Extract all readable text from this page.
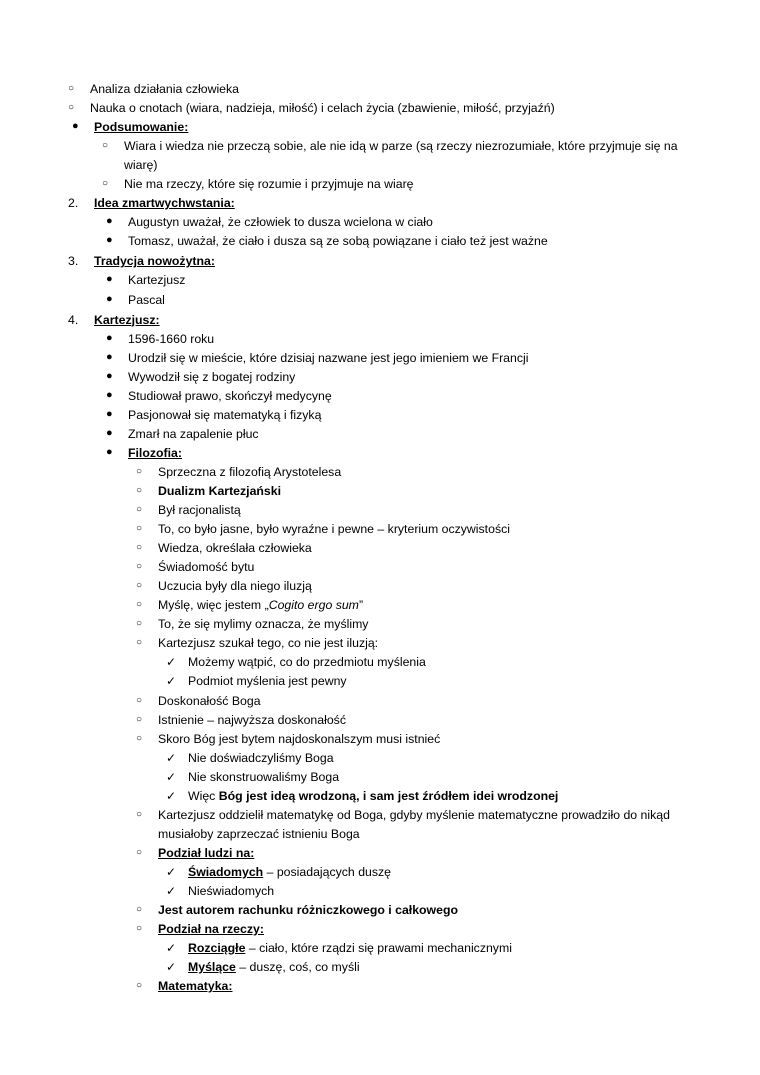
○ Analiza działania człowieka
○ Nauka o cnotach (wiara, nadzieja, miłość) i celach życia (zbawienie, miłość, przyjaźń)
● Podsumowanie:
○ Wiara i wiedza nie przeczą sobie, ale nie idą w parze (są rzeczy niezrozumiałe, które przyjmuje się na wiarę)
○ Nie ma rzeczy, które się rozumie i przyjmuje na wiarę
2.	Idea zmartwychwstania:
● Augustyn uważał, że człowiek to dusza wcielona w ciało
● Tomasz, uważał, że ciało i dusza są ze sobą powiązane i ciało też jest ważne
3.	Tradycja nowożytna:
● Kartezjusz
● Pascal
4.	Kartezjusz:
● 1596-1660 roku
● Urodził się w mieście, które dzisiaj nazwane jest jego imieniem we Francji
● Wywodził się z bogatej rodziny
● Studiował prawo, skończył medycynę
● Pasjonował się matematyką i fizyką
● Zmarł na zapalenie płuc
● Filozofia:
○ Sprzeczna z filozofią Arystotelesa
○ Dualizm Kartezjański
○ Był racjonalistą
○ To, co było jasne, było wyraźne i pewne – kryterium oczywistości
○ Wiedza, określała człowieka
○ Świadomość bytu
○ Uczucia były dla niego iluzją
○ Myślę, więc jestem „Cogito ergo sum”
○ To, że się mylimy oznacza, że myślimy
○ Kartezjusz szukał tego, co nie jest iluzją:
✓ Możemy wątpić, co do przedmiotu myślenia
✓ Podmiot myślenia jest pewny
○ Doskonałość Boga
○ Istnienie – najwyższa doskonałość
○ Skoro Bóg jest bytem najdoskonalszym musi istnieć
✓ Nie doświadczyliśmy Boga
✓ Nie skonstruowaliśmy Boga
✓ Więc Bóg jest ideą wrodzoną, i sam jest źródłem idei wrodzonej
○ Kartezjusz oddzielił matematykę od Boga, gdyby myślenie matematyczne prowadziło do nikąd musiałoby zaprzeczać istnieniu Boga
○ Podział ludzi na:
✓ Świadomych – posiadających duszę
✓ Nieświadomych
○ Jest autorem rachunku różniczkowego i całkowego
○ Podział na rzeczy:
✓ Rozciągłe – ciało, które rządzi się prawami mechanicznymi
✓ Myślące – duszę, coś, co myśli
○ Matematyka:
